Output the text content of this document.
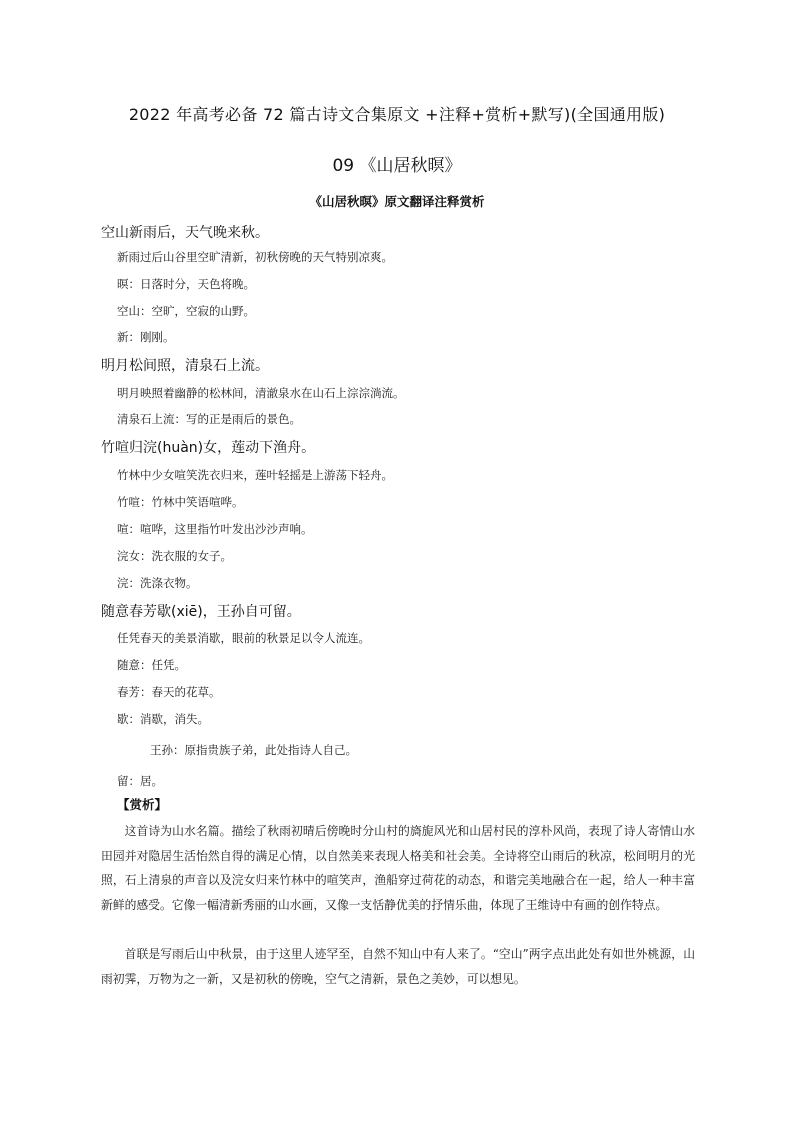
2022 年高考必备 72 篇古诗文合集原文 +注释+赏析+默写)(全国通用版)
09 《山居秋暝》
《山居秋暝》原文翻译注释赏析
空山新雨后，天气晚来秋。
新雨过后山谷里空旷清新，初秋傍晚的天气特别凉爽。
暝：日落时分，天色将晚。
空山：空旷，空寂的山野。
新：刚刚。
明月松间照，清泉石上流。
明月映照着幽静的松林间，清澈泉水在山石上淙淙淌流。
清泉石上流：写的正是雨后的景色。
竹喧归浣(huàn)女，莲动下渔舟。
竹林中少女喧笑洗衣归来，莲叶轻摇是上游荡下轻舟。
竹喧：竹林中笑语喧哗。
喧：喧哗，这里指竹叶发出沙沙声响。
浣女：洗衣服的女子。
浣：洗涤衣物。
随意春芳歇(xiē)，王孙自可留。
任凭春天的美景消歇，眼前的秋景足以令人流连。
随意：任凭。
春芳：春天的花草。
歇：消歇，消失。
王孙：原指贵族子弟，此处指诗人自己。
留：居。
【赏析】

这首诗为山水名篇。描绘了秋雨初晴后傍晚时分山村的旖旎风光和山居村民的淳朴风尚，表现了诗人寄情山水田园并对隐居生活怡然自得的满足心情，以自然美来表现人格美和社会美。全诗将空山雨后的秋凉，松间明月的光照，石上清泉的声音以及浣女归来竹林中的喧笑声，渔船穿过荷花的动态，和谐完美地融合在一起，给人一种丰富新鲜的感受。它像一幅清新秀丽的山水画，又像一支恬静优美的抒情乐曲，体现了王维诗中有画的创作特点。

首联是写雨后山中秋景，由于这里人迹罕至，自然不知山中有人来了。“空山”两字点出此处有如世外桃源，山雨初霁，万物为之一新，又是初秋的傍晚，空气之清新，景色之美妙，可以想见。
